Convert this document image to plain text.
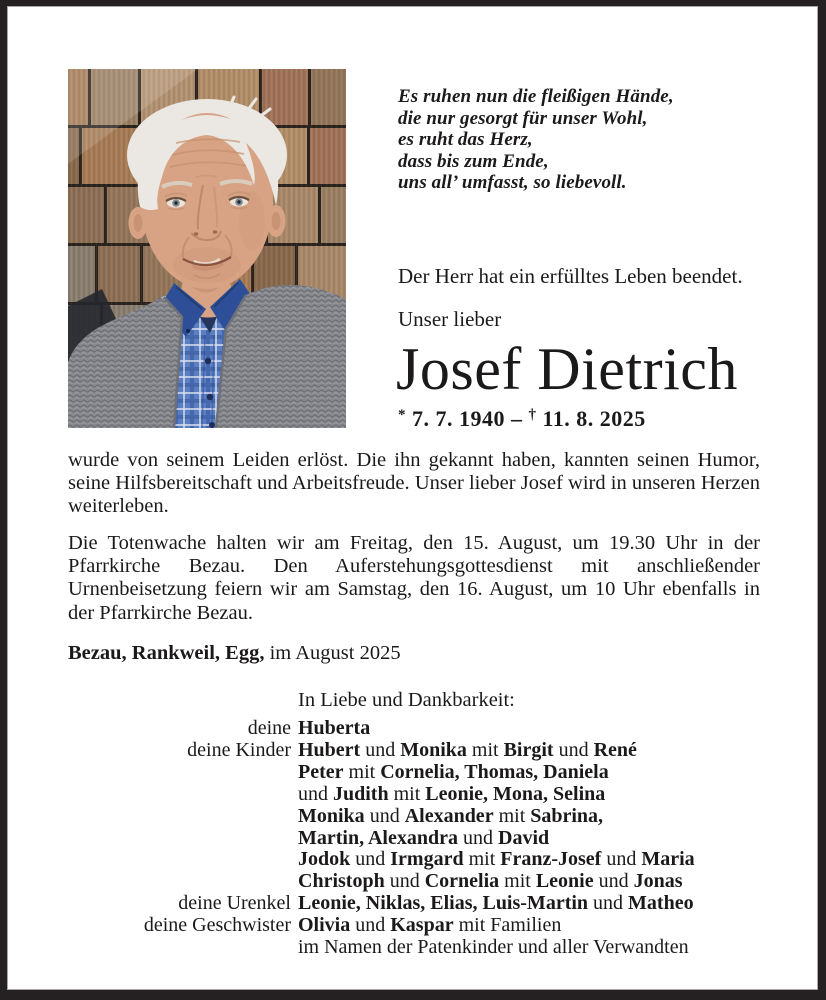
Es ruhen nun die fleißigen Hände,
die nur gesorgt für unser Wohl,
es ruht das Herz,
dass bis zum Ende,
uns all’ umfasst, so liebevoll.
Der Herr hat ein erfülltes Leben beendet.
Unser lieber
Josef Dietrich
* 7. 7. 1940 – † 11. 8. 2025
wurde von seinem Leiden erlöst. Die ihn gekannt haben, kannten seinen Humor, seine Hilfsbereitschaft und Arbeitsfreude. Unser lieber Josef wird in unseren Herzen weiterleben.
Die Totenwache halten wir am Freitag, den 15. August, um 19.30 Uhr in der Pfarrkirche Bezau. Den Auferstehungsgottesdienst mit anschließender Urnenbeisetzung feiern wir am Samstag, den 16. August, um 10 Uhr ebenfalls in der Pfarrkirche Bezau.
Bezau, Rankweil, Egg, im August 2025
In Liebe und Dankbarkeit:
deine Huberta
deine Kinder Hubert und Monika mit Birgit und René
Peter mit Cornelia, Thomas, Daniela
und Judith mit Leonie, Mona, Selina
Monika und Alexander mit Sabrina,
Martin, Alexandra und David
Jodok und Irmgard mit Franz-Josef und Maria
Christoph und Cornelia mit Leonie und Jonas
deine Urenkel Leonie, Niklas, Elias, Luis-Martin und Matheo
deine Geschwister Olivia und Kaspar mit Familien
im Namen der Patenkinder und aller Verwandten
